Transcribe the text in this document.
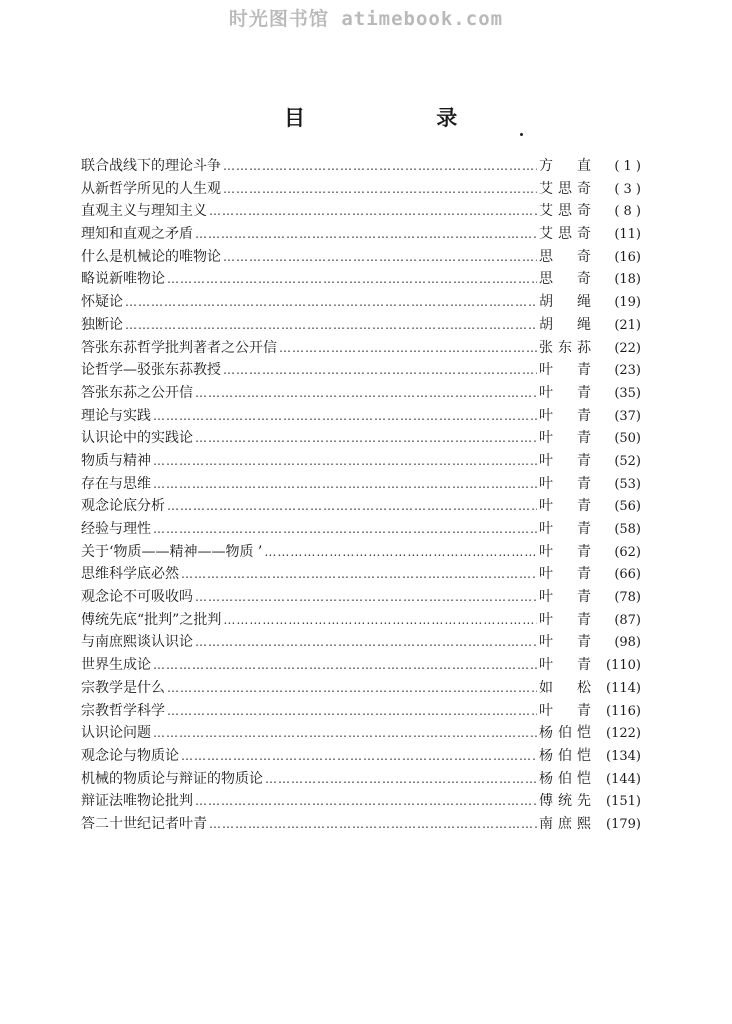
时光图书馆 atimebook.com
目 录
联合战线下的理论斗争 ……………………………………………………………………………………………………………………………………………………………………………………………………	方 直	( 1 )
从新哲学所见的人生观 ……………………………………………………………………………………………………………………………………………………………………………………………………	艾思奇	( 3 )
直观主义与理知主义 ……………………………………………………………………………………………………………………………………………………………………………………………………	艾思奇	( 8 )
理知和直观之矛盾 ……………………………………………………………………………………………………………………………………………………………………………………………………	艾思奇	(11)
什么是机械论的唯物论 ……………………………………………………………………………………………………………………………………………………………………………………………………	思 奇	(16)
略说新唯物论 ……………………………………………………………………………………………………………………………………………………………………………………………………	思 奇	(18)
怀疑论 ……………………………………………………………………………………………………………………………………………………………………………………………………	胡 绳	(19)
独断论 ……………………………………………………………………………………………………………………………………………………………………………………………………	胡 绳	(21)
答张东荪哲学批判著者之公开信 ……………………………………………………………………………………………………………………………………………………………………………………………………	张东荪	(22)
论哲学—驳张东荪教授 ……………………………………………………………………………………………………………………………………………………………………………………………………	叶 青	(23)
答张东荪之公开信 ……………………………………………………………………………………………………………………………………………………………………………………………………	叶 青	(35)
理论与实践 ……………………………………………………………………………………………………………………………………………………………………………………………………	叶 青	(37)
认识论中的实践论 ……………………………………………………………………………………………………………………………………………………………………………………………………	叶 青	(50)
物质与精神 ……………………………………………………………………………………………………………………………………………………………………………………………………	叶 青	(52)
存在与思维 ……………………………………………………………………………………………………………………………………………………………………………………………………	叶 青	(53)
观念论底分析 ……………………………………………………………………………………………………………………………………………………………………………………………………	叶 青	(56)
经验与理性 ……………………………………………………………………………………………………………………………………………………………………………………………………	叶 青	(58)
关于‘物质——精神——物质 ’ ……………………………………………………………………………………………………………………………………………………………………………………………………	叶 青	(62)
思维科学底必然 ……………………………………………………………………………………………………………………………………………………………………………………………………	叶 青	(66)
观念论不可吸收吗 ……………………………………………………………………………………………………………………………………………………………………………………………………	叶 青	(78)
傅统先底“批判”之批判 ……………………………………………………………………………………………………………………………………………………………………………………………………	叶 青	(87)
与南庶熙谈认识论 ……………………………………………………………………………………………………………………………………………………………………………………………………	叶 青	(98)
世界生成论 ……………………………………………………………………………………………………………………………………………………………………………………………………	叶 青	(110)
宗教学是什么 ……………………………………………………………………………………………………………………………………………………………………………………………………	如 松	(114)
宗教哲学科学 ……………………………………………………………………………………………………………………………………………………………………………………………………	叶 青	(116)
认识论问题 ……………………………………………………………………………………………………………………………………………………………………………………………………	杨伯恺	(122)
观念论与物质论 ……………………………………………………………………………………………………………………………………………………………………………………………………	杨伯恺	(134)
机械的物质论与辩证的物质论 ……………………………………………………………………………………………………………………………………………………………………………………………………	杨伯恺	(144)
辩证法唯物论批判 ……………………………………………………………………………………………………………………………………………………………………………………………………	傅统先	(151)
答二十世纪记者叶青 ……………………………………………………………………………………………………………………………………………………………………………………………………	南庶熙	(179)
